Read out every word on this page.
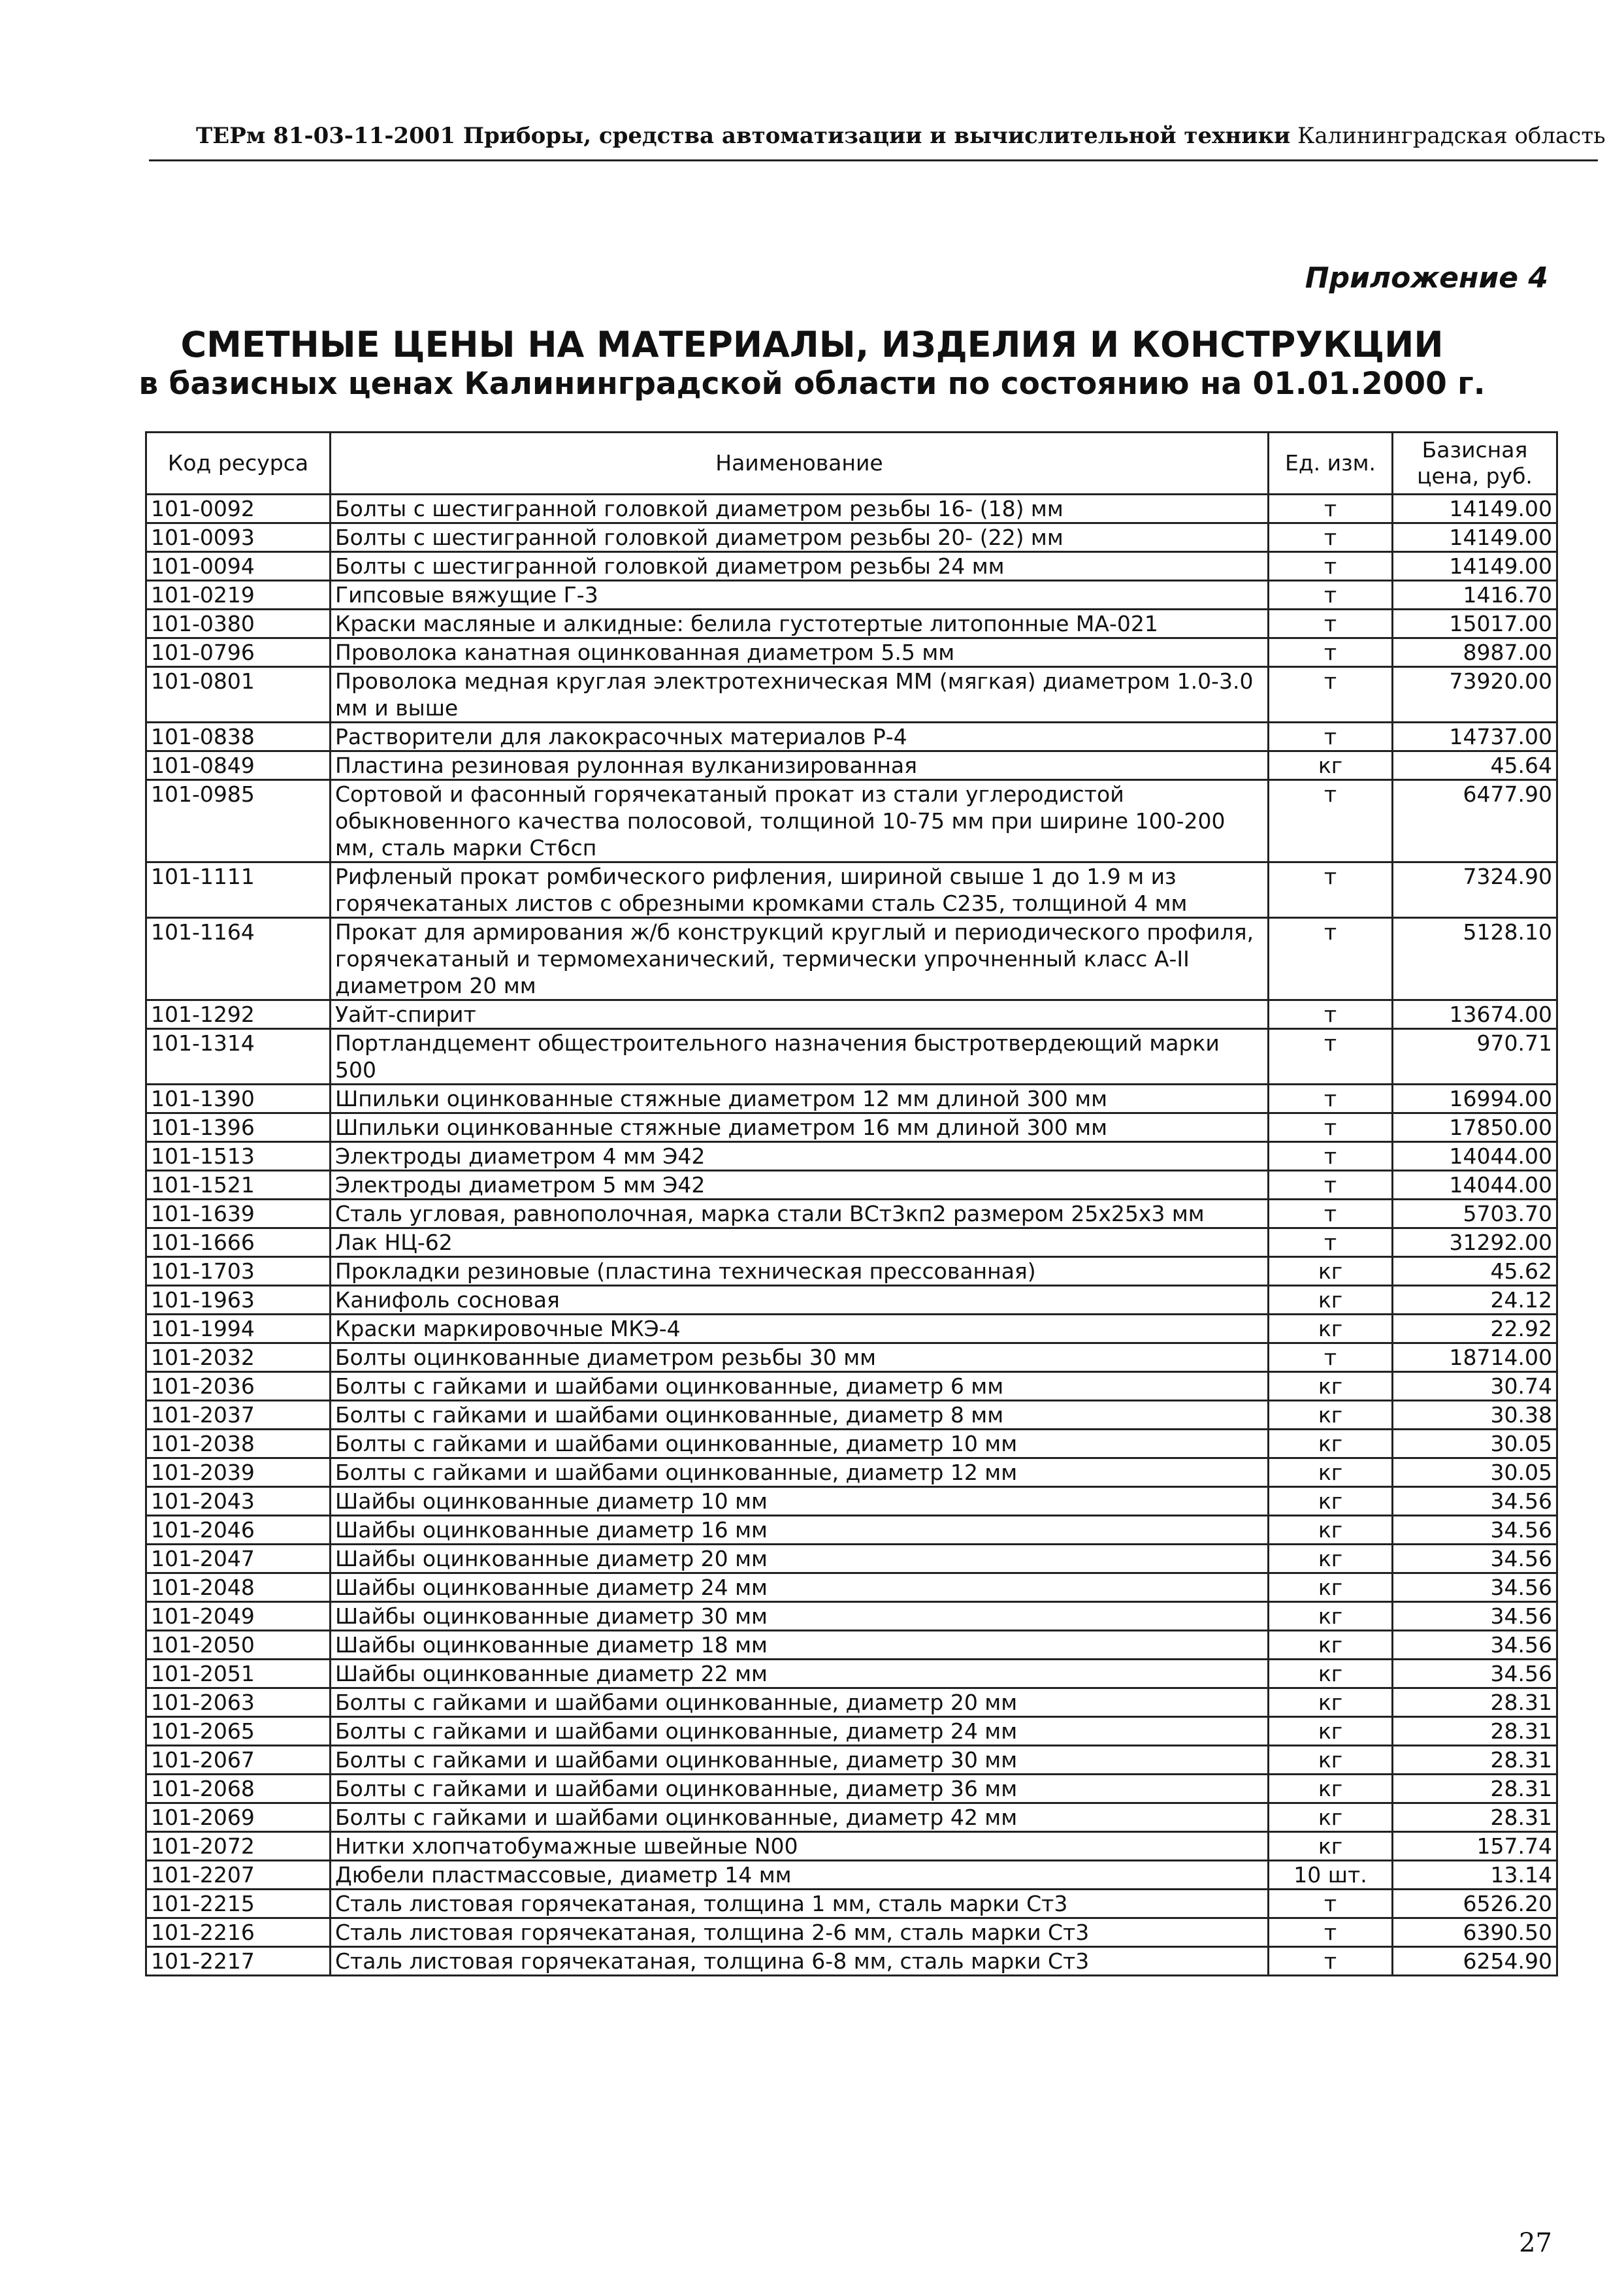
ТЕРм 81-03-11-2001 Приборы, средства автоматизации и вычислительной техники Калининградская область
Приложение 4
СМЕТНЫЕ ЦЕНЫ НА МАТЕРИАЛЫ, ИЗДЕЛИЯ И КОНСТРУКЦИИ
в базисных ценах Калининградской области по состоянию на 01.01.2000 г.
Код ресурса	Наименование	Ед. изм.	Базисная цена, руб.
101-0092	Болты с шестигранной головкой диаметром резьбы 16- (18) мм	т	14149.00
101-0093	Болты с шестигранной головкой диаметром резьбы 20- (22) мм	т	14149.00
101-0094	Болты с шестигранной головкой диаметром резьбы 24 мм	т	14149.00
101-0219	Гипсовые вяжущие Г-3	т	1416.70
101-0380	Краски масляные и алкидные: белила густотертые литопонные МА-021	т	15017.00
101-0796	Проволока канатная оцинкованная диаметром 5.5 мм	т	8987.00
101-0801	Проволока медная круглая электротехническая ММ (мягкая) диаметром 1.0-3.0 мм и выше	т	73920.00
101-0838	Растворители для лакокрасочных материалов Р-4	т	14737.00
101-0849	Пластина резиновая рулонная вулканизированная	кг	45.64
101-0985	Сортовой и фасонный горячекатаный прокат из стали углеродистой обыкновенного качества полосовой, толщиной 10-75 мм при ширине 100-200 мм, сталь марки Ст6сп	т	6477.90
101-1111	Рифленый прокат ромбического рифления, шириной свыше 1 до 1.9 м из горячекатаных листов с обрезными кромками сталь С235, толщиной 4 мм	т	7324.90
101-1164	Прокат для армирования ж/б конструкций круглый и периодического профиля, горячекатаный и термомеханический, термически упрочненный класс А-II диаметром 20 мм	т	5128.10
101-1292	Уайт-спирит	т	13674.00
101-1314	Портландцемент общестроительного назначения быстротвердеющий марки 500	т	970.71
101-1390	Шпильки оцинкованные стяжные диаметром 12 мм длиной 300 мм	т	16994.00
101-1396	Шпильки оцинкованные стяжные диаметром 16 мм длиной 300 мм	т	17850.00
101-1513	Электроды диаметром 4 мм Э42	т	14044.00
101-1521	Электроды диаметром 5 мм Э42	т	14044.00
101-1639	Сталь угловая, равнополочная, марка стали ВСт3кп2 размером 25x25x3 мм	т	5703.70
101-1666	Лак НЦ-62	т	31292.00
101-1703	Прокладки резиновые (пластина техническая прессованная)	кг	45.62
101-1963	Канифоль сосновая	кг	24.12
101-1994	Краски маркировочные МКЭ-4	кг	22.92
101-2032	Болты оцинкованные диаметром резьбы 30 мм	т	18714.00
101-2036	Болты с гайками и шайбами оцинкованные, диаметр 6 мм	кг	30.74
101-2037	Болты с гайками и шайбами оцинкованные, диаметр 8 мм	кг	30.38
101-2038	Болты с гайками и шайбами оцинкованные, диаметр 10 мм	кг	30.05
101-2039	Болты с гайками и шайбами оцинкованные, диаметр 12 мм	кг	30.05
101-2043	Шайбы оцинкованные диаметр 10 мм	кг	34.56
101-2046	Шайбы оцинкованные диаметр 16 мм	кг	34.56
101-2047	Шайбы оцинкованные диаметр 20 мм	кг	34.56
101-2048	Шайбы оцинкованные диаметр 24 мм	кг	34.56
101-2049	Шайбы оцинкованные диаметр 30 мм	кг	34.56
101-2050	Шайбы оцинкованные диаметр 18 мм	кг	34.56
101-2051	Шайбы оцинкованные диаметр 22 мм	кг	34.56
101-2063	Болты с гайками и шайбами оцинкованные, диаметр 20 мм	кг	28.31
101-2065	Болты с гайками и шайбами оцинкованные, диаметр 24 мм	кг	28.31
101-2067	Болты с гайками и шайбами оцинкованные, диаметр 30 мм	кг	28.31
101-2068	Болты с гайками и шайбами оцинкованные, диаметр 36 мм	кг	28.31
101-2069	Болты с гайками и шайбами оцинкованные, диаметр 42 мм	кг	28.31
101-2072	Нитки хлопчатобумажные швейные N00	кг	157.74
101-2207	Дюбели пластмассовые, диаметр 14 мм	10 шт.	13.14
101-2215	Сталь листовая горячекатаная, толщина 1 мм, сталь марки Ст3	т	6526.20
101-2216	Сталь листовая горячекатаная, толщина 2-6 мм, сталь марки Ст3	т	6390.50
101-2217	Сталь листовая горячекатаная, толщина 6-8 мм, сталь марки Ст3	т	6254.90
27
